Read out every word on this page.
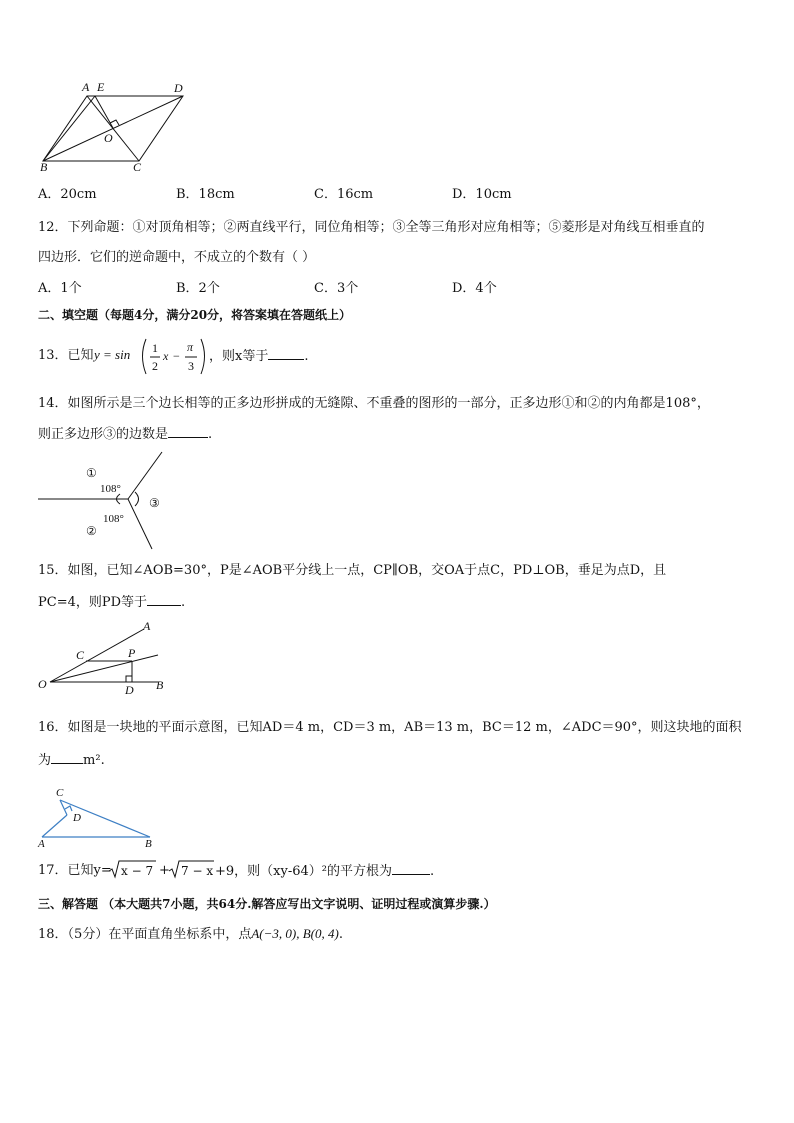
A E	D
O
B	C
A．20cm	B．18cm	C．16cm	D．10cm
12．下列命题：①对顶角相等；②两直线平行，同位角相等；③全等三角形对应角相等；⑤菱形是对角线互相垂直的
四边形．它们的逆命题中，不成立的个数有（ ）
A．1个	B．2个	C．3个	D．4个
二、填空题（每题4分，满分20分，将答案填在答题纸上）
13．已知 y = sin 1
2
x −
π
3
，则x等于	.
14．如图所示是三个边长相等的正多边形拼成的无缝隙、不重叠的图形的一部分，正多边形①和②的内角都是108°，
则正多边形③的边数是	.
①
108°
③
108°
②
15．如图，已知∠AOB=30°，P是∠AOB平分线上一点，CP∥OB，交OA于点C，PD⊥OB，垂足为点D，且
PC=4，则PD等于	.
A
C	P
O	D B
16．如图是一块地的平面示意图，已知AD＝4 m，CD＝3 m，AB＝13 m，BC＝12 m，∠ADC＝90°，则这块地的面积
为 m².
C
D
A	B
17．已知y= x − 7 + 7 − x +9，则（xy-64）²的平方根为	.
三、解答题 （本大题共7小题，共64分.解答应写出文字说明、证明过程或演算步骤.）
18．（5分）在平面直角坐标系中，点A(−3, 0), B(0, 4).
